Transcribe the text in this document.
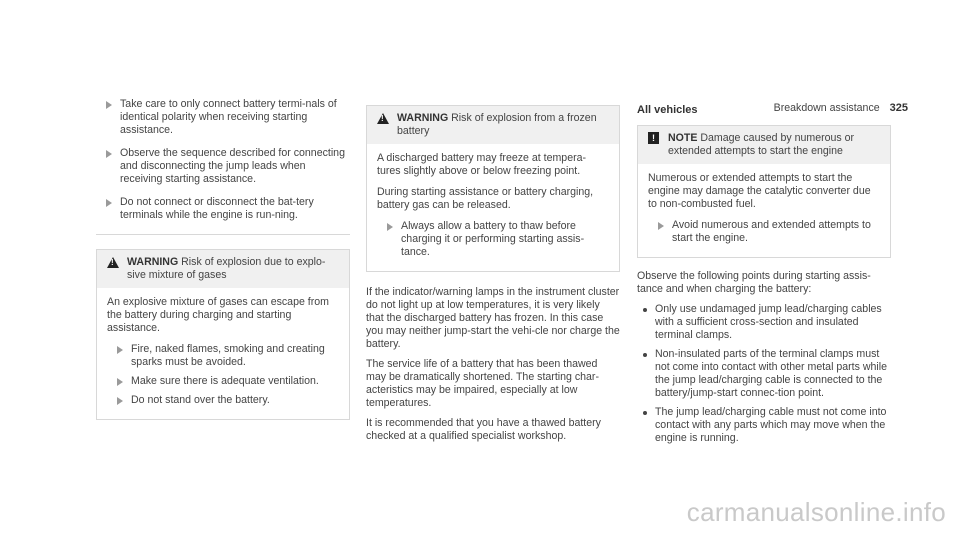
Breakdown assistance 325
Take care to only connect battery termi-nals of identical polarity when receiving starting assistance.
Observe the sequence described for connecting and disconnecting the jump leads when receiving starting assistance.
Do not connect or disconnect the bat-tery terminals while the engine is run-ning.
!
WARNING Risk of explosion due to explo-sive mixture of gases

An explosive mixture of gases can escape from the battery during charging and starting assistance.

Fire, naked flames, smoking and creating sparks must be avoided.
Make sure there is adequate ventilation.
Do not stand over the battery.
!
WARNING Risk of explosion from a frozen battery

A discharged battery may freeze at tempera-tures slightly above or below freezing point.

During starting assistance or battery charging, battery gas can be released.

Always allow a battery to thaw before charging it or performing starting assis-tance.

If the indicator/warning lamps in the instrument cluster do not light up at low temperatures, it is very likely that the discharged battery has frozen. In this case you may neither jump-start the vehi-cle nor charge the battery.

The service life of a battery that has been thawed may be dramatically shortened. The starting char-acteristics may be impaired, especially at low temperatures.

It is recommended that you have a thawed battery checked at a qualified specialist workshop.

All vehicles
!	NOTE Damage caused by numerous or extended attempts to start the engine

Numerous or extended attempts to start the engine may damage the catalytic converter due to non-combusted fuel.

Avoid numerous and extended attempts to start the engine.

Observe the following points during starting assis-tance and when charging the battery:

Only use undamaged jump lead/charging cables with a sufficient cross-section and insulated terminal clamps.
Non-insulated parts of the terminal clamps must not come into contact with other metal parts while the jump lead/charging cable is connected to the battery/jump-start connec-tion point.
The jump lead/charging cable must not come into contact with any parts which may move when the engine is running.
carmanualsonline.info
